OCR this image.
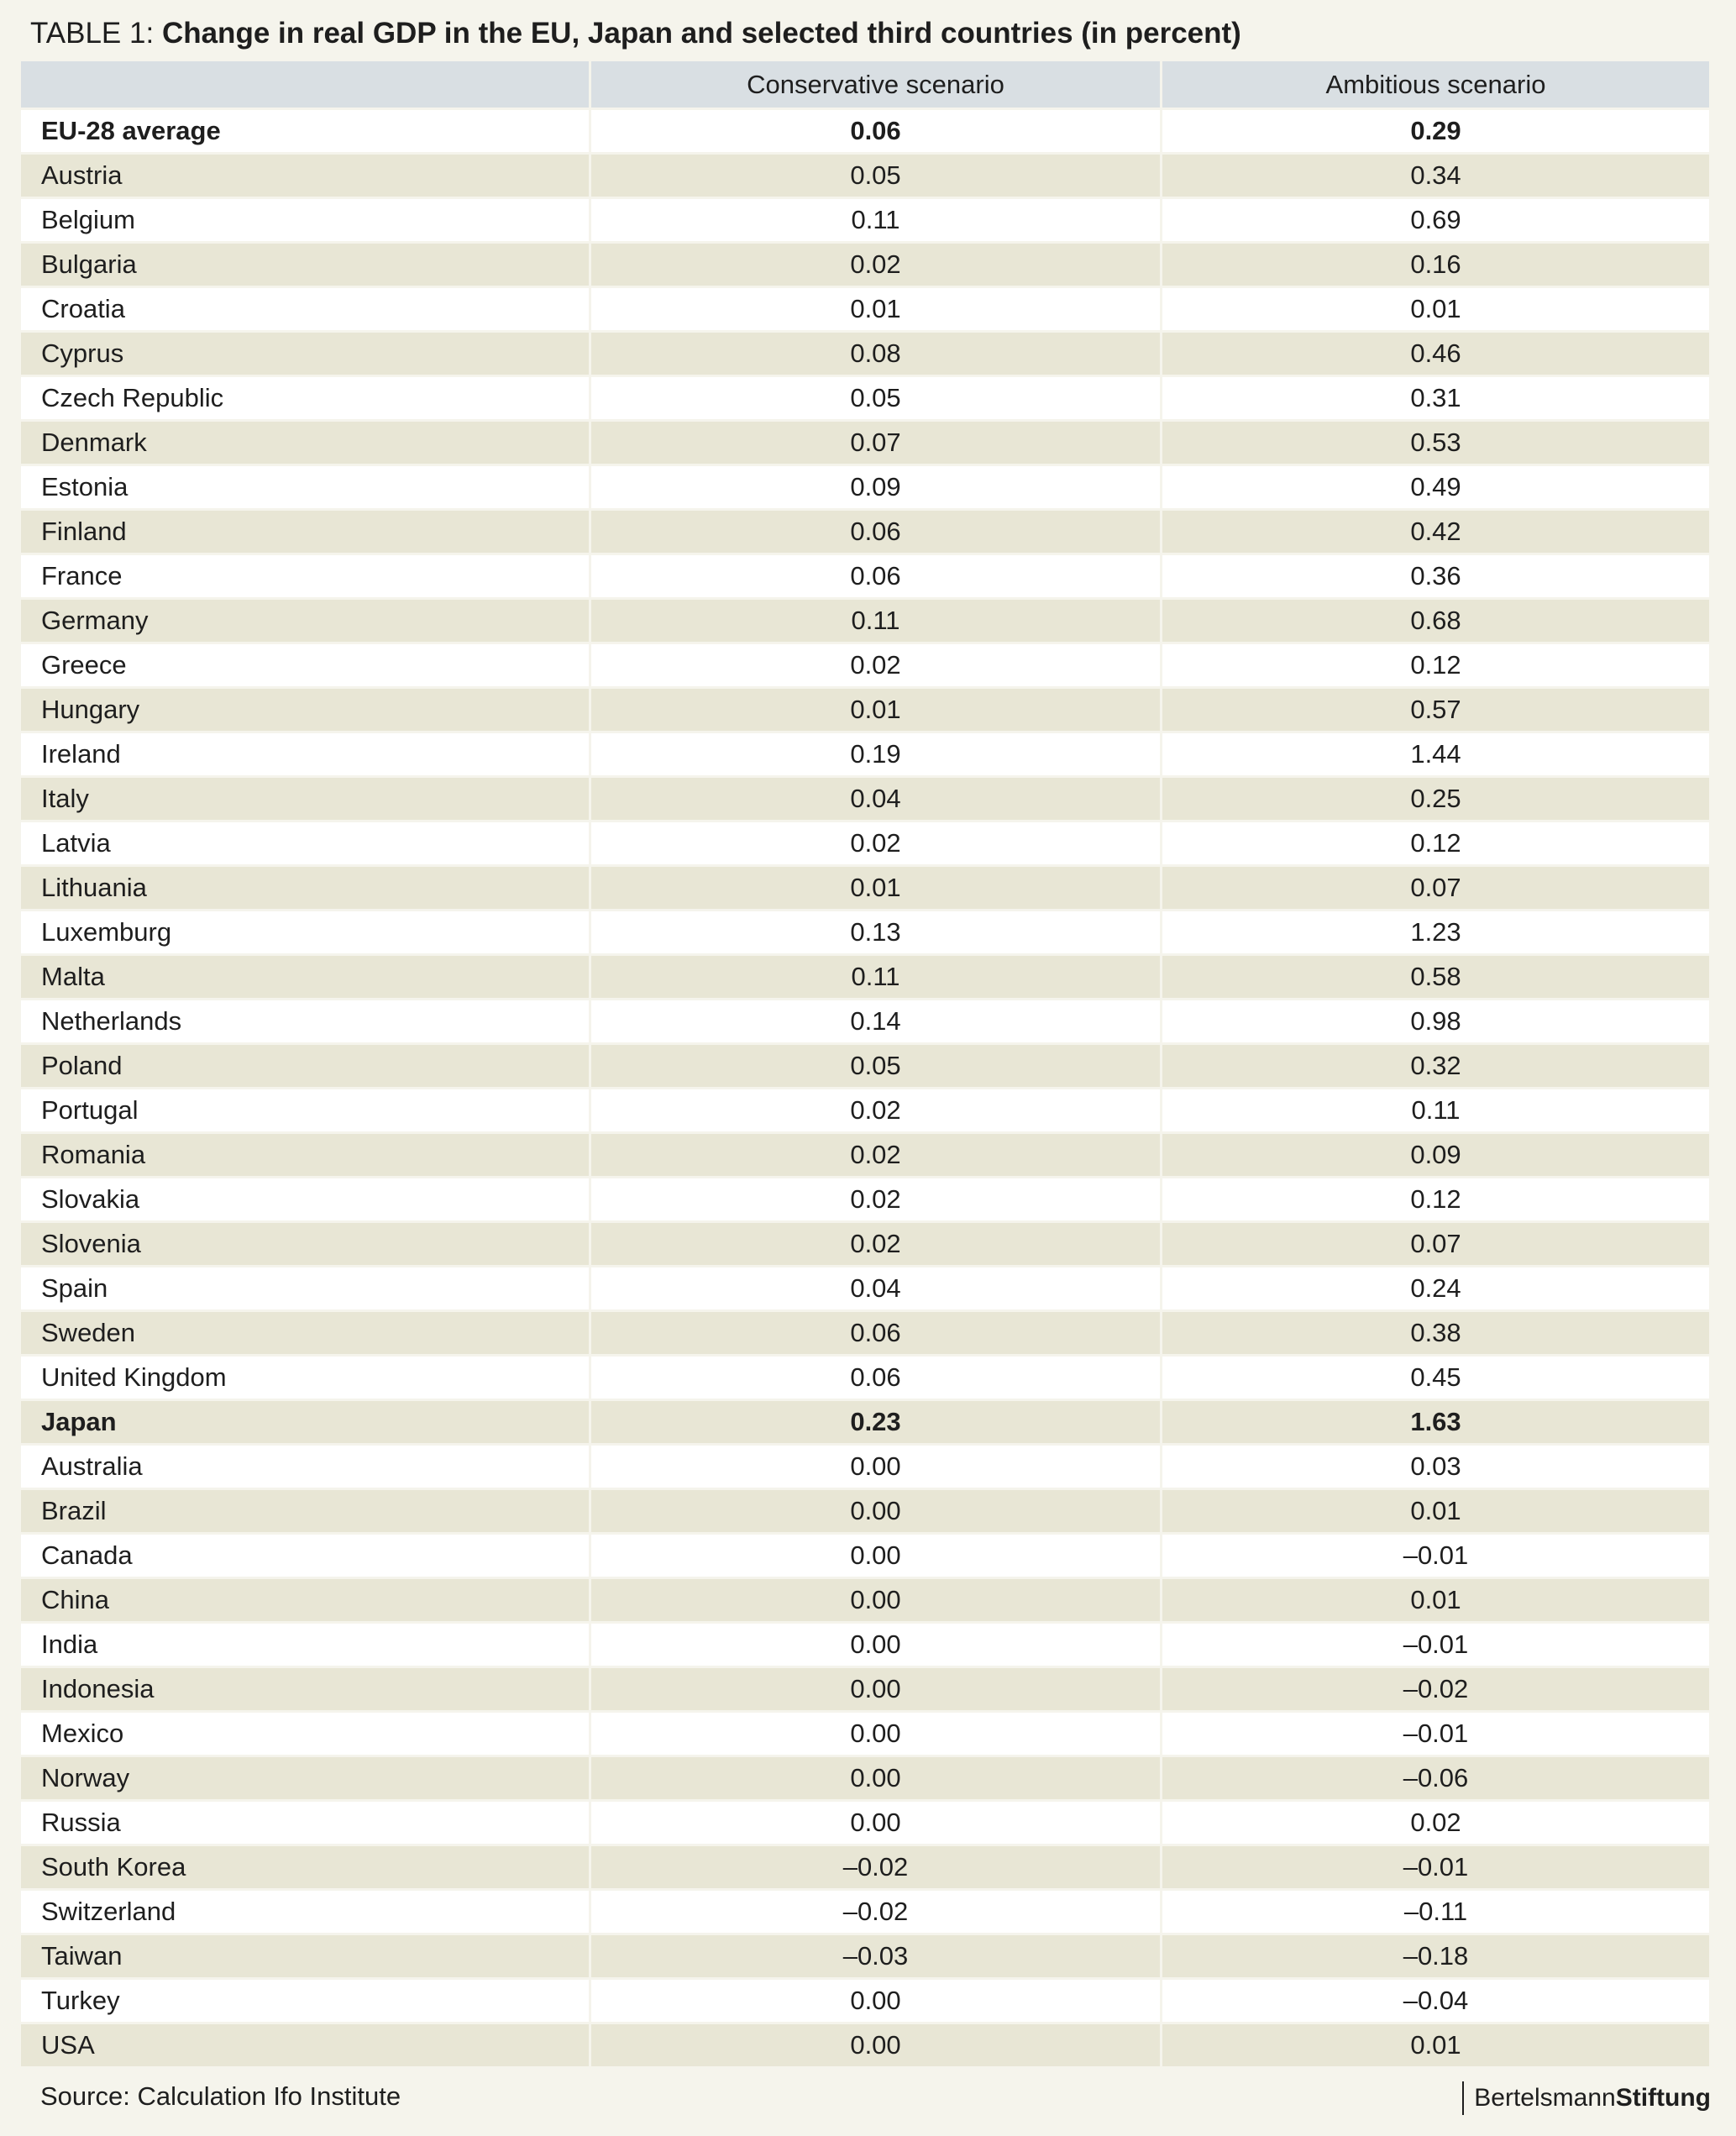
TABLE 1: Change in real GDP in the EU, Japan and selected third countries (in percent)
	Conservative scenario	Ambitious scenario
EU-28 average	0.06	0.29
Austria	0.05	0.34
Belgium	0.11	0.69
Bulgaria	0.02	0.16
Croatia	0.01	0.01
Cyprus	0.08	0.46
Czech Republic	0.05	0.31
Denmark	0.07	0.53
Estonia	0.09	0.49
Finland	0.06	0.42
France	0.06	0.36
Germany	0.11	0.68
Greece	0.02	0.12
Hungary	0.01	0.57
Ireland	0.19	1.44
Italy	0.04	0.25
Latvia	0.02	0.12
Lithuania	0.01	0.07
Luxemburg	0.13	1.23
Malta	0.11	0.58
Netherlands	0.14	0.98
Poland	0.05	0.32
Portugal	0.02	0.11
Romania	0.02	0.09
Slovakia	0.02	0.12
Slovenia	0.02	0.07
Spain	0.04	0.24
Sweden	0.06	0.38
United Kingdom	0.06	0.45
Japan	0.23	1.63
Australia	0.00	0.03
Brazil	0.00	0.01
Canada	0.00	–0.01
China	0.00	0.01
India	0.00	–0.01
Indonesia	0.00	–0.02
Mexico	0.00	–0.01
Norway	0.00	–0.06
Russia	0.00	0.02
South Korea	–0.02	–0.01
Switzerland	–0.02	–0.11
Taiwan	–0.03	–0.18
Turkey	0.00	–0.04
USA	0.00	0.01
Source: Calculation Ifo Institute	BertelsmannStiftung
